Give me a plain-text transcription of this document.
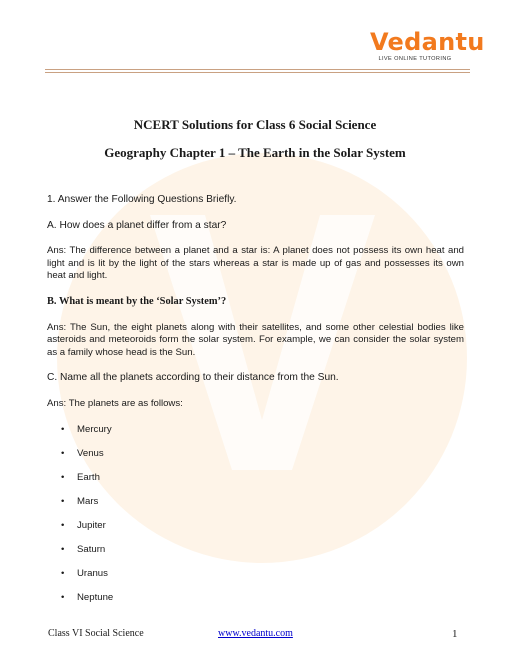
Vedantu
LIVE ONLINE TUTORING
NCERT Solutions for Class 6 Social Science
Geography Chapter 1 – The Earth in the Solar System

1. Answer the Following Questions Briefly.

A. How does a planet differ from a star?

Ans: The difference between a planet and a star is: A planet does not possess its own heat and light and is lit by the light of the stars whereas a star is made up of gas and possesses its own heat and light.

B. What is meant by the ‘Solar System’?

Ans: The Sun, the eight planets along with their satellites, and some other celestial bodies like asteroids and meteoroids form the solar system. For example, we can consider the solar system as a family whose head is the Sun.

C. Name all the planets according to their distance from the Sun.

Ans: The planets are as follows:

• Mercury
• Venus
• Earth
• Mars
• Jupiter
• Saturn
• Uranus
• Neptune
Class VI Social Science	www.vedantu.com	1
